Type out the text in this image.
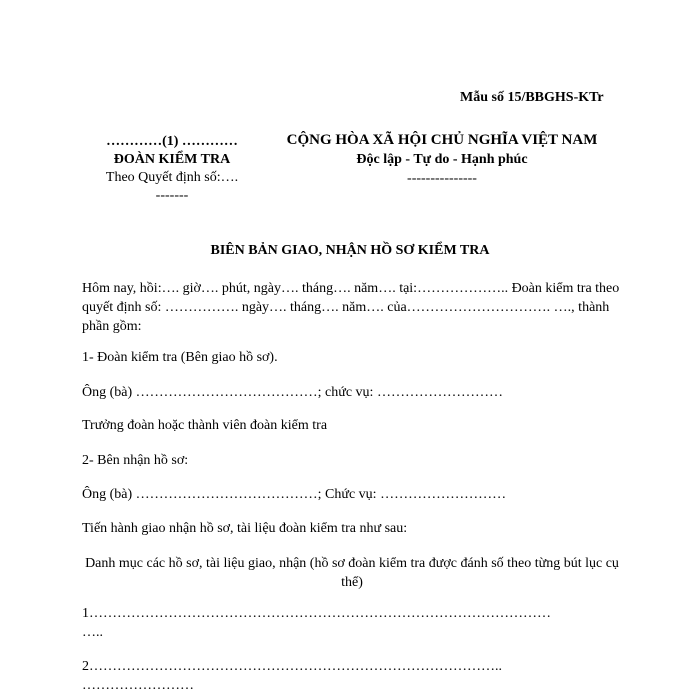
Mẫu số 15/BBGHS-KTr
…………(1) …………
ĐOÀN KIỂM TRA
Theo Quyết định số:….
-------
CỘNG HÒA XÃ HỘI CHỦ NGHĨA VIỆT NAM
Độc lập - Tự do - Hạnh phúc
---------------
BIÊN BẢN GIAO, NHẬN HỒ SƠ KIỂM TRA
Hôm nay, hồi:…. giờ…. phút, ngày…. tháng…. năm…. tại:……………….. Đoàn kiểm tra theo quyết định số: ……………. ngày…. tháng…. năm…. của…………………………. …., thành phần gồm:
1- Đoàn kiểm tra (Bên giao hồ sơ).
Ông (bà) …………………………………; chức vụ: ………………………
Trưởng đoàn hoặc thành viên đoàn kiểm tra
2- Bên nhận hồ sơ:
Ông (bà) …………………………………; Chức vụ: ………………………
Tiến hành giao nhận hồ sơ, tài liệu đoàn kiểm tra như sau:
Danh mục các hồ sơ, tài liệu giao, nhận (hồ sơ đoàn kiểm tra được đánh số theo từng bút lục cụ thể)
1………………………………………………………………………………………
…..
2……………………………………………………………………………..
……………………
